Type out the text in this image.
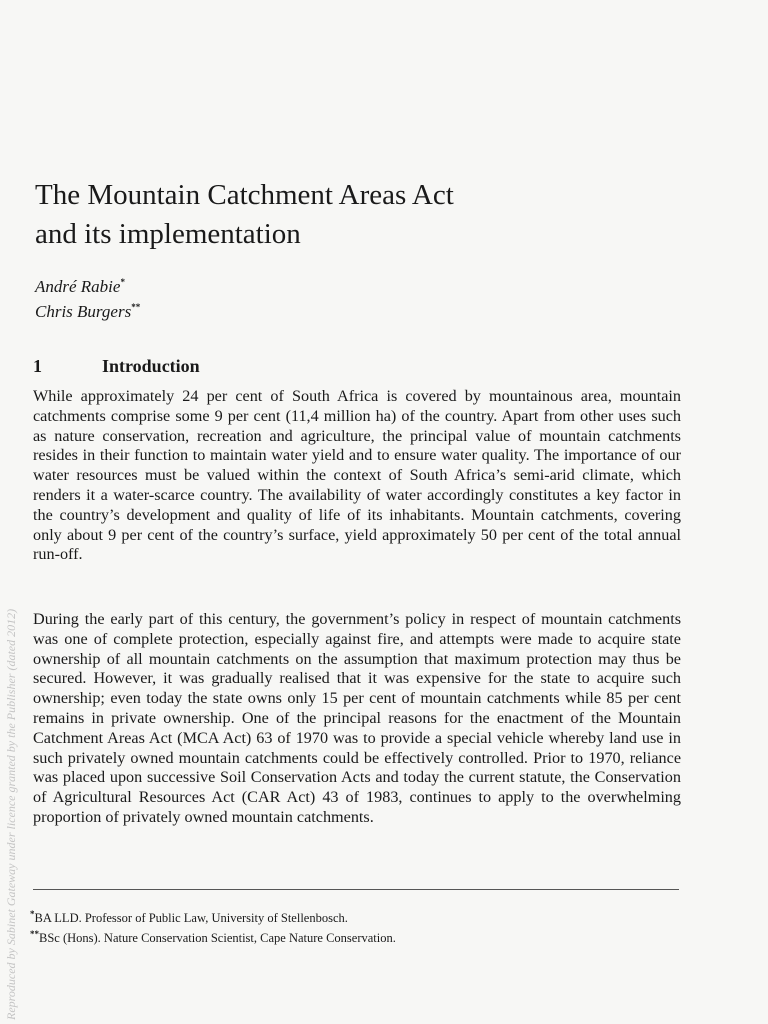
The Mountain Catchment Areas Act
and its implementation
André Rabie*
Chris Burgers**
1	Introduction

While approximately 24 per cent of South Africa is covered by mountainous area, mountain catchments comprise some 9 per cent (11,4 million ha) of the country. Apart from other uses such as nature conservation, recreation and agriculture, the principal value of mountain catchments resides in their function to maintain water yield and to ensure water quality. The importance of our water resources must be valued within the context of South Africa’s semi-arid climate, which renders it a water-scarce country. The availability of water accordingly constitutes a key factor in the country’s development and quality of life of its inhabitants. Mountain catchments, covering only about 9 per cent of the country’s surface, yield approximately 50 per cent of the total annual run-off.

During the early part of this century, the government’s policy in respect of mountain catchments was one of complete protection, especially against fire, and attempts were made to acquire state ownership of all mountain catchments on the assumption that maximum protection may thus be secured. However, it was gradually realised that it was expensive for the state to acquire such ownership; even today the state owns only 15 per cent of mountain catchments while 85 per cent remains in private ownership. One of the principal reasons for the enactment of the Mountain Catchment Areas Act (MCA Act) 63 of 1970 was to provide a special vehicle whereby land use in such privately owned mountain catchments could be effectively controlled. Prior to 1970, reliance was placed upon successive Soil Conservation Acts and today the current statute, the Conservation of Agricultural Resources Act (CAR Act) 43 of 1983, continues to apply to the overwhelming proportion of privately owned mountain catchments.

*BA LLD. Professor of Public Law, University of Stellenbosch.
**BSc (Hons). Nature Conservation Scientist, Cape Nature Conservation.
Reproduced by Sabinet Gateway under licence granted by the Publisher (dated 2012)
